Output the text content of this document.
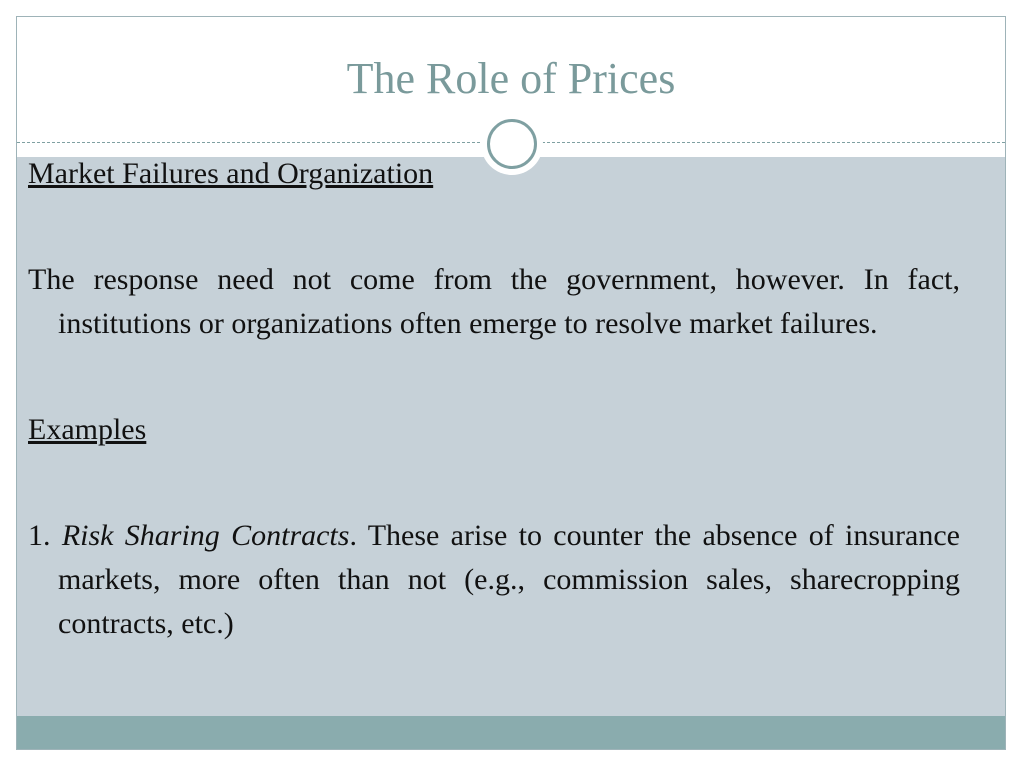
The Role of Prices

Market Failures and Organization

The response need not come from the government, however. In fact, institutions or organizations often emerge to resolve market failures.

Examples

1. Risk Sharing Contracts. These arise to counter the absence of insurance markets, more often than not (e.g., commission sales, sharecropping contracts, etc.)
